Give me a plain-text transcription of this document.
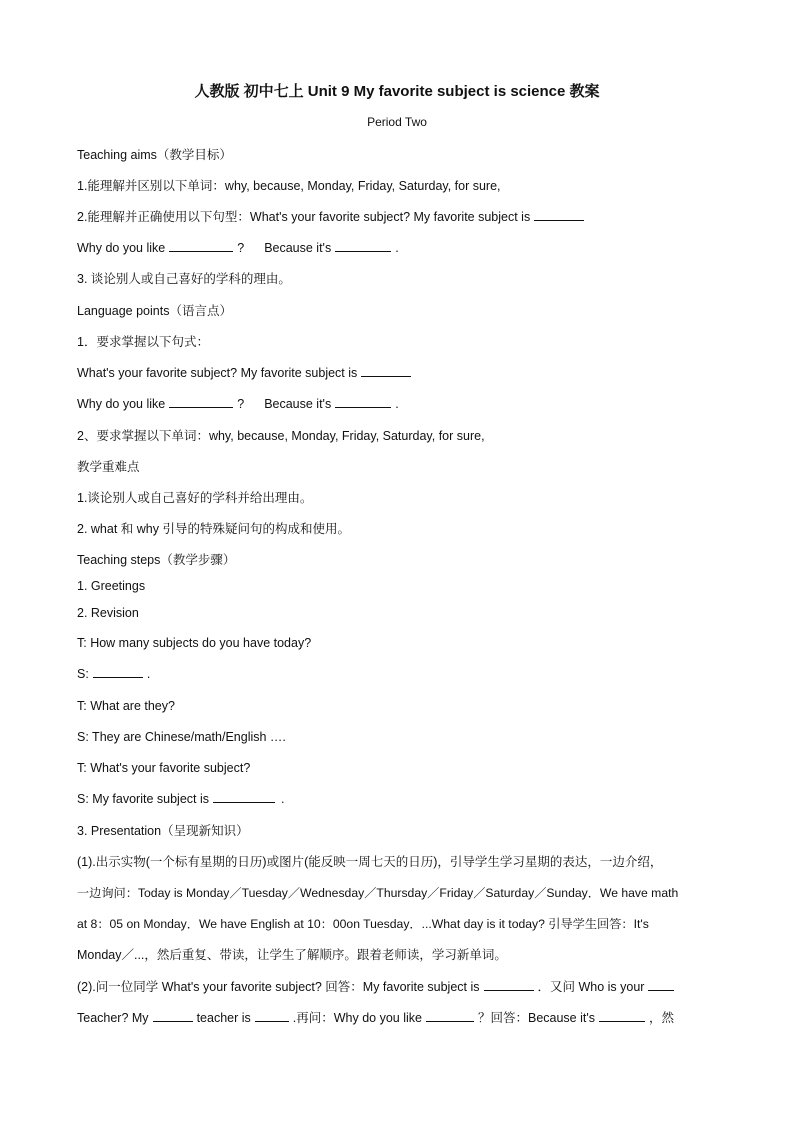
人教版 初中七上 Unit 9 My favorite subject is science 教案
Period Two
Teaching aims（教学目标）
1.能理解并区别以下单词：why, because, Monday, Friday, Saturday, for sure,
2.能理解并正确使用以下句型：What's your favorite subject? My favorite subject is
Why do you like	? Because it's	.
3. 谈论别人或自己喜好的学科的理由。
Language points（语言点）
1．要求掌握以下句式：
What's your favorite subject? My favorite subject is
Why do you like	? Because it's	.
2、要求掌握以下单词：why, because, Monday, Friday, Saturday, for sure,
教学重难点
1.谈论别人或自己喜好的学科并给出理由。
2. what 和 why 引导的特殊疑问句的构成和使用。
Teaching steps（教学步骤）
1. Greetings
2. Revision
T: How many subjects do you have today?
S:	.
T: What are they?
S: They are Chinese/math/English ….
T: What's your favorite subject?
S: My favorite subject is	.
3. Presentation（呈现新知识）
(1).出示实物(一个标有星期的日历)或图片(能反映一周七天的日历)，引导学生学习星期的表达，一边介绍，
一边询问：Today is Monday／Tuesday／Wednesday／Thursday／Friday／Saturday／Sunday．We have math
at 8：05 on Monday．We have English at 10：00on Tuesday．...What day is it today? 引导学生回答：It's
Monday／...，然后重复、带读，让学生了解顺序。跟着老师读，学习新单词。
(2).问一位同学 What's your favorite subject? 回答：My favorite subject is	．又问 Who is your
Teacher? My	teacher is	.再问：Why do you like	？回答：Because it's	，然
